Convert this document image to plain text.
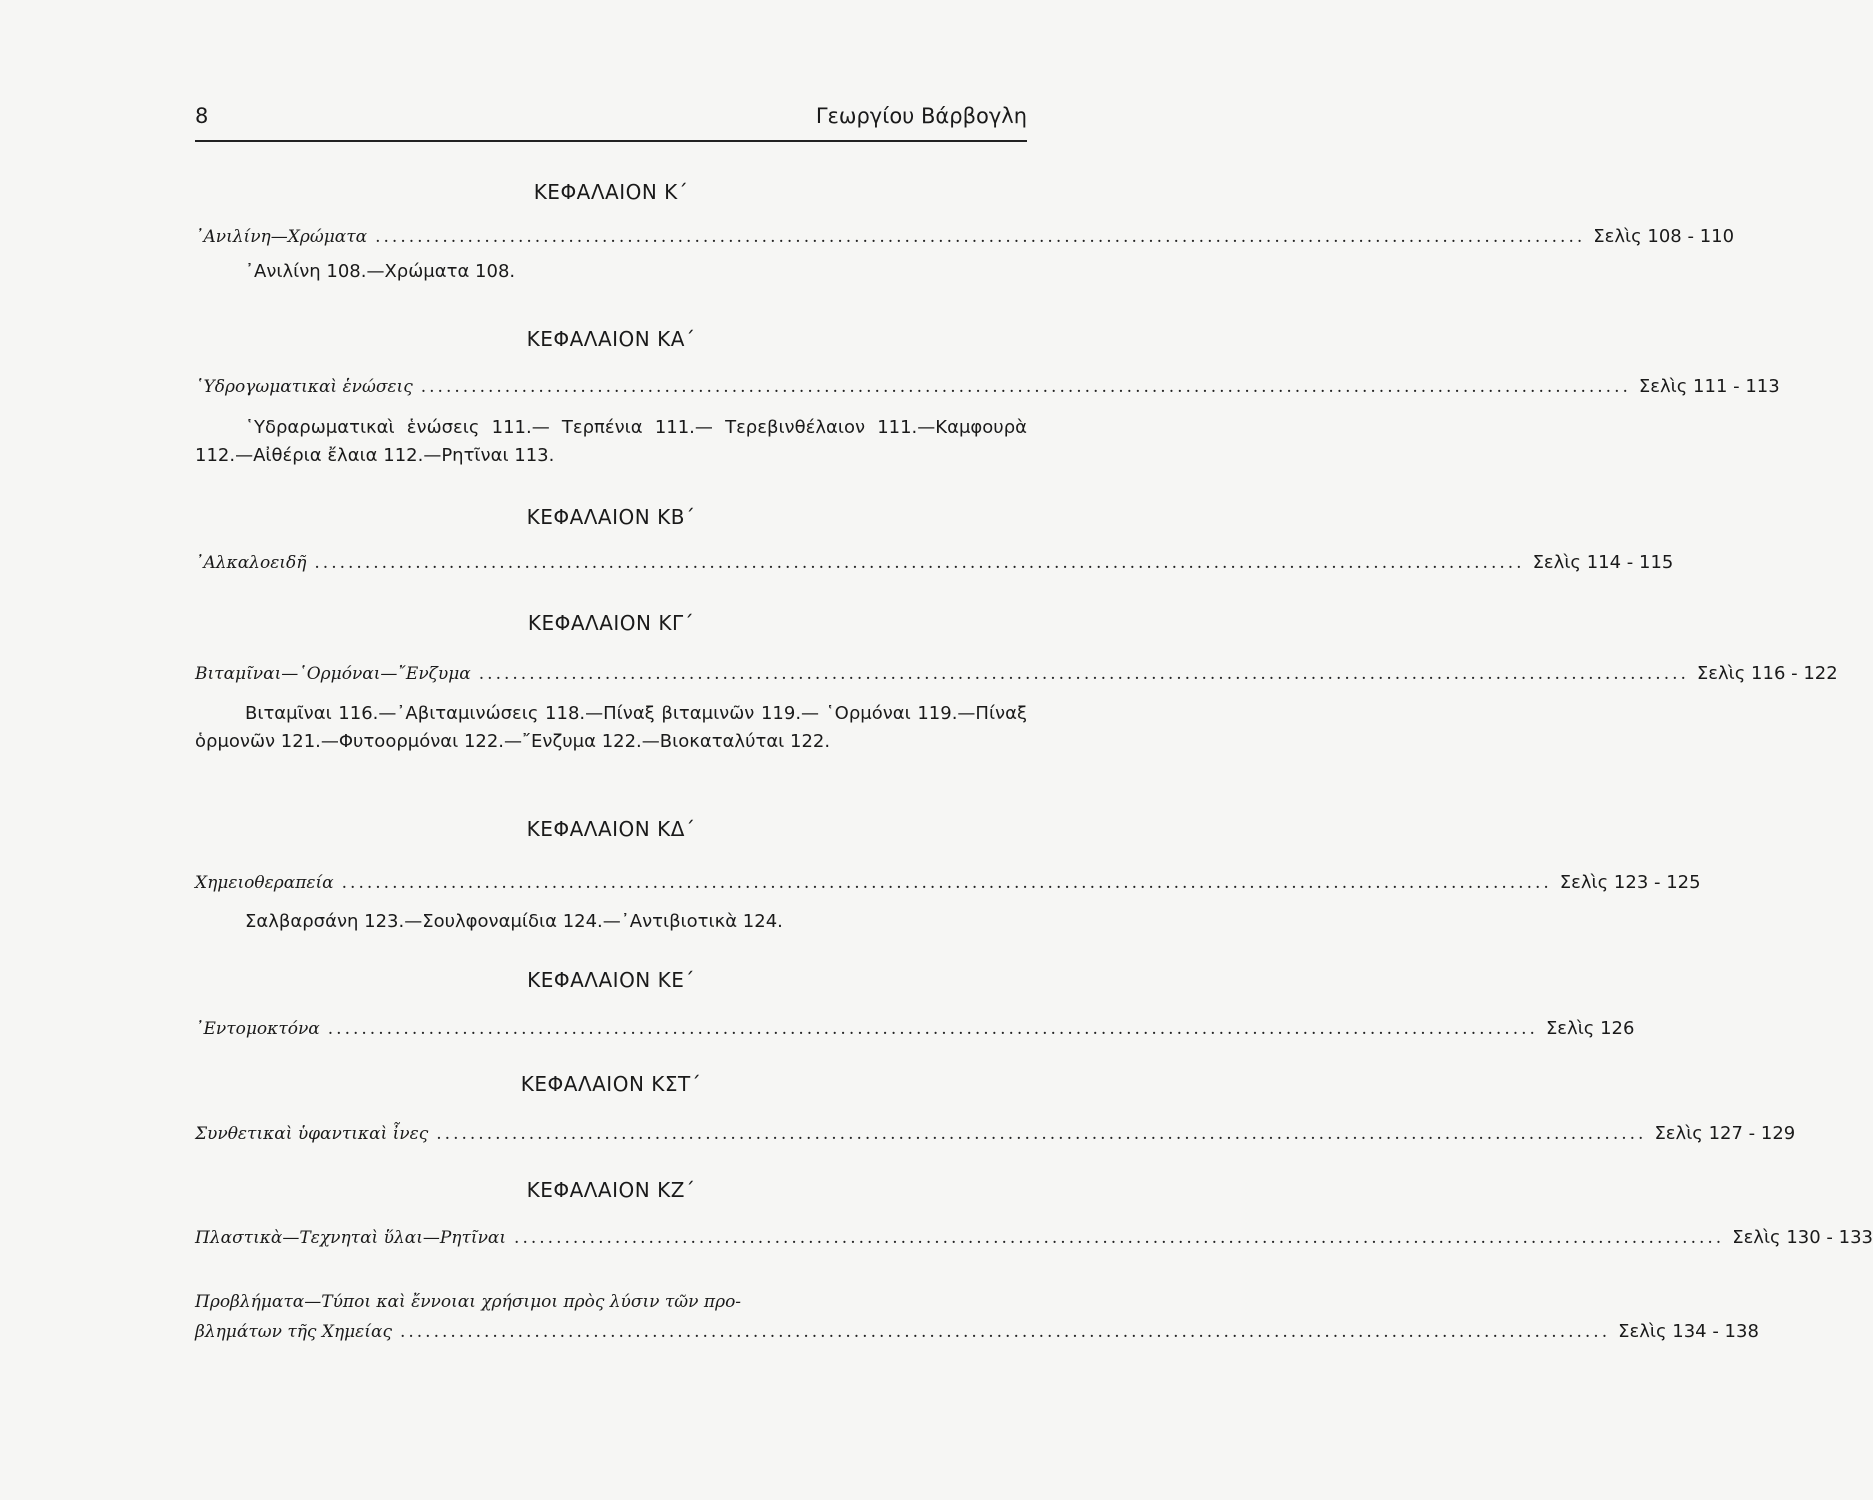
8	Γεωργίου Βάρβογλη
ΚΕΦΑΛΑΙΟΝ Κ΄
᾽Ανιλίνη—Χρώματα ................................................................................................................................................ Σελὶς 108 - 110
᾽Ανιλίνη 108.—Χρώματα 108.
ΚΕΦΑΛΑΙΟΝ ΚΑ΄
῾Υδρογωματικαὶ ἑνώσεις ................................................................................................................................................ Σελὶς 111 - 113
῾Υδραρωματικαὶ ἑνώσεις 111.— Τερπένια 111.— Τερεβινθέλαιον 111.—Καμφουρὰ 112.—Αἰθέρια ἔλαια 112.—Ρητῖναι 113.
ΚΕΦΑΛΑΙΟΝ ΚΒ΄
᾽Αλκαλοειδῆ ................................................................................................................................................ Σελὶς 114 - 115
ΚΕΦΑΛΑΙΟΝ ΚΓ΄
Βιταμῖναι—῾Ορμόναι—῎Ενζυμα ................................................................................................................................................ Σελὶς 116 - 122
Βιταμῖναι 116.—᾽Αβιταμινώσεις 118.—Πίναξ βιταμινῶν 119.— ῾Ορμόναι 119.—Πίναξ ὁρμονῶν 121.—Φυτοορμόναι 122.—῎Ενζυμα 122.—Βιοκαταλύται 122.
ΚΕΦΑΛΑΙΟΝ ΚΔ΄
Χημειοθεραπεία ................................................................................................................................................ Σελὶς 123 - 125
Σαλβαρσάνη 123.—Σουλφοναμίδια 124.—᾽Αντιβιοτικὰ 124.
ΚΕΦΑΛΑΙΟΝ ΚΕ΄
᾽Εντομοκτόνα ................................................................................................................................................ Σελὶς 126
ΚΕΦΑΛΑΙΟΝ ΚΣΤ΄
Συνθετικαὶ ὑφαντικαὶ ἶνες ................................................................................................................................................ Σελὶς 127 - 129
ΚΕΦΑΛΑΙΟΝ ΚΖ΄
Πλαστικὰ—Τεχνηταὶ ὕλαι—Ρητῖναι ................................................................................................................................................ Σελὶς 130 - 133
Προβλήματα—Τύποι καὶ ἔννοιαι χρήσιμοι πρὸς λύσιν τῶν προ-
βλημάτων τῆς Χημείας ................................................................................................................................................ Σελὶς 134 - 138
